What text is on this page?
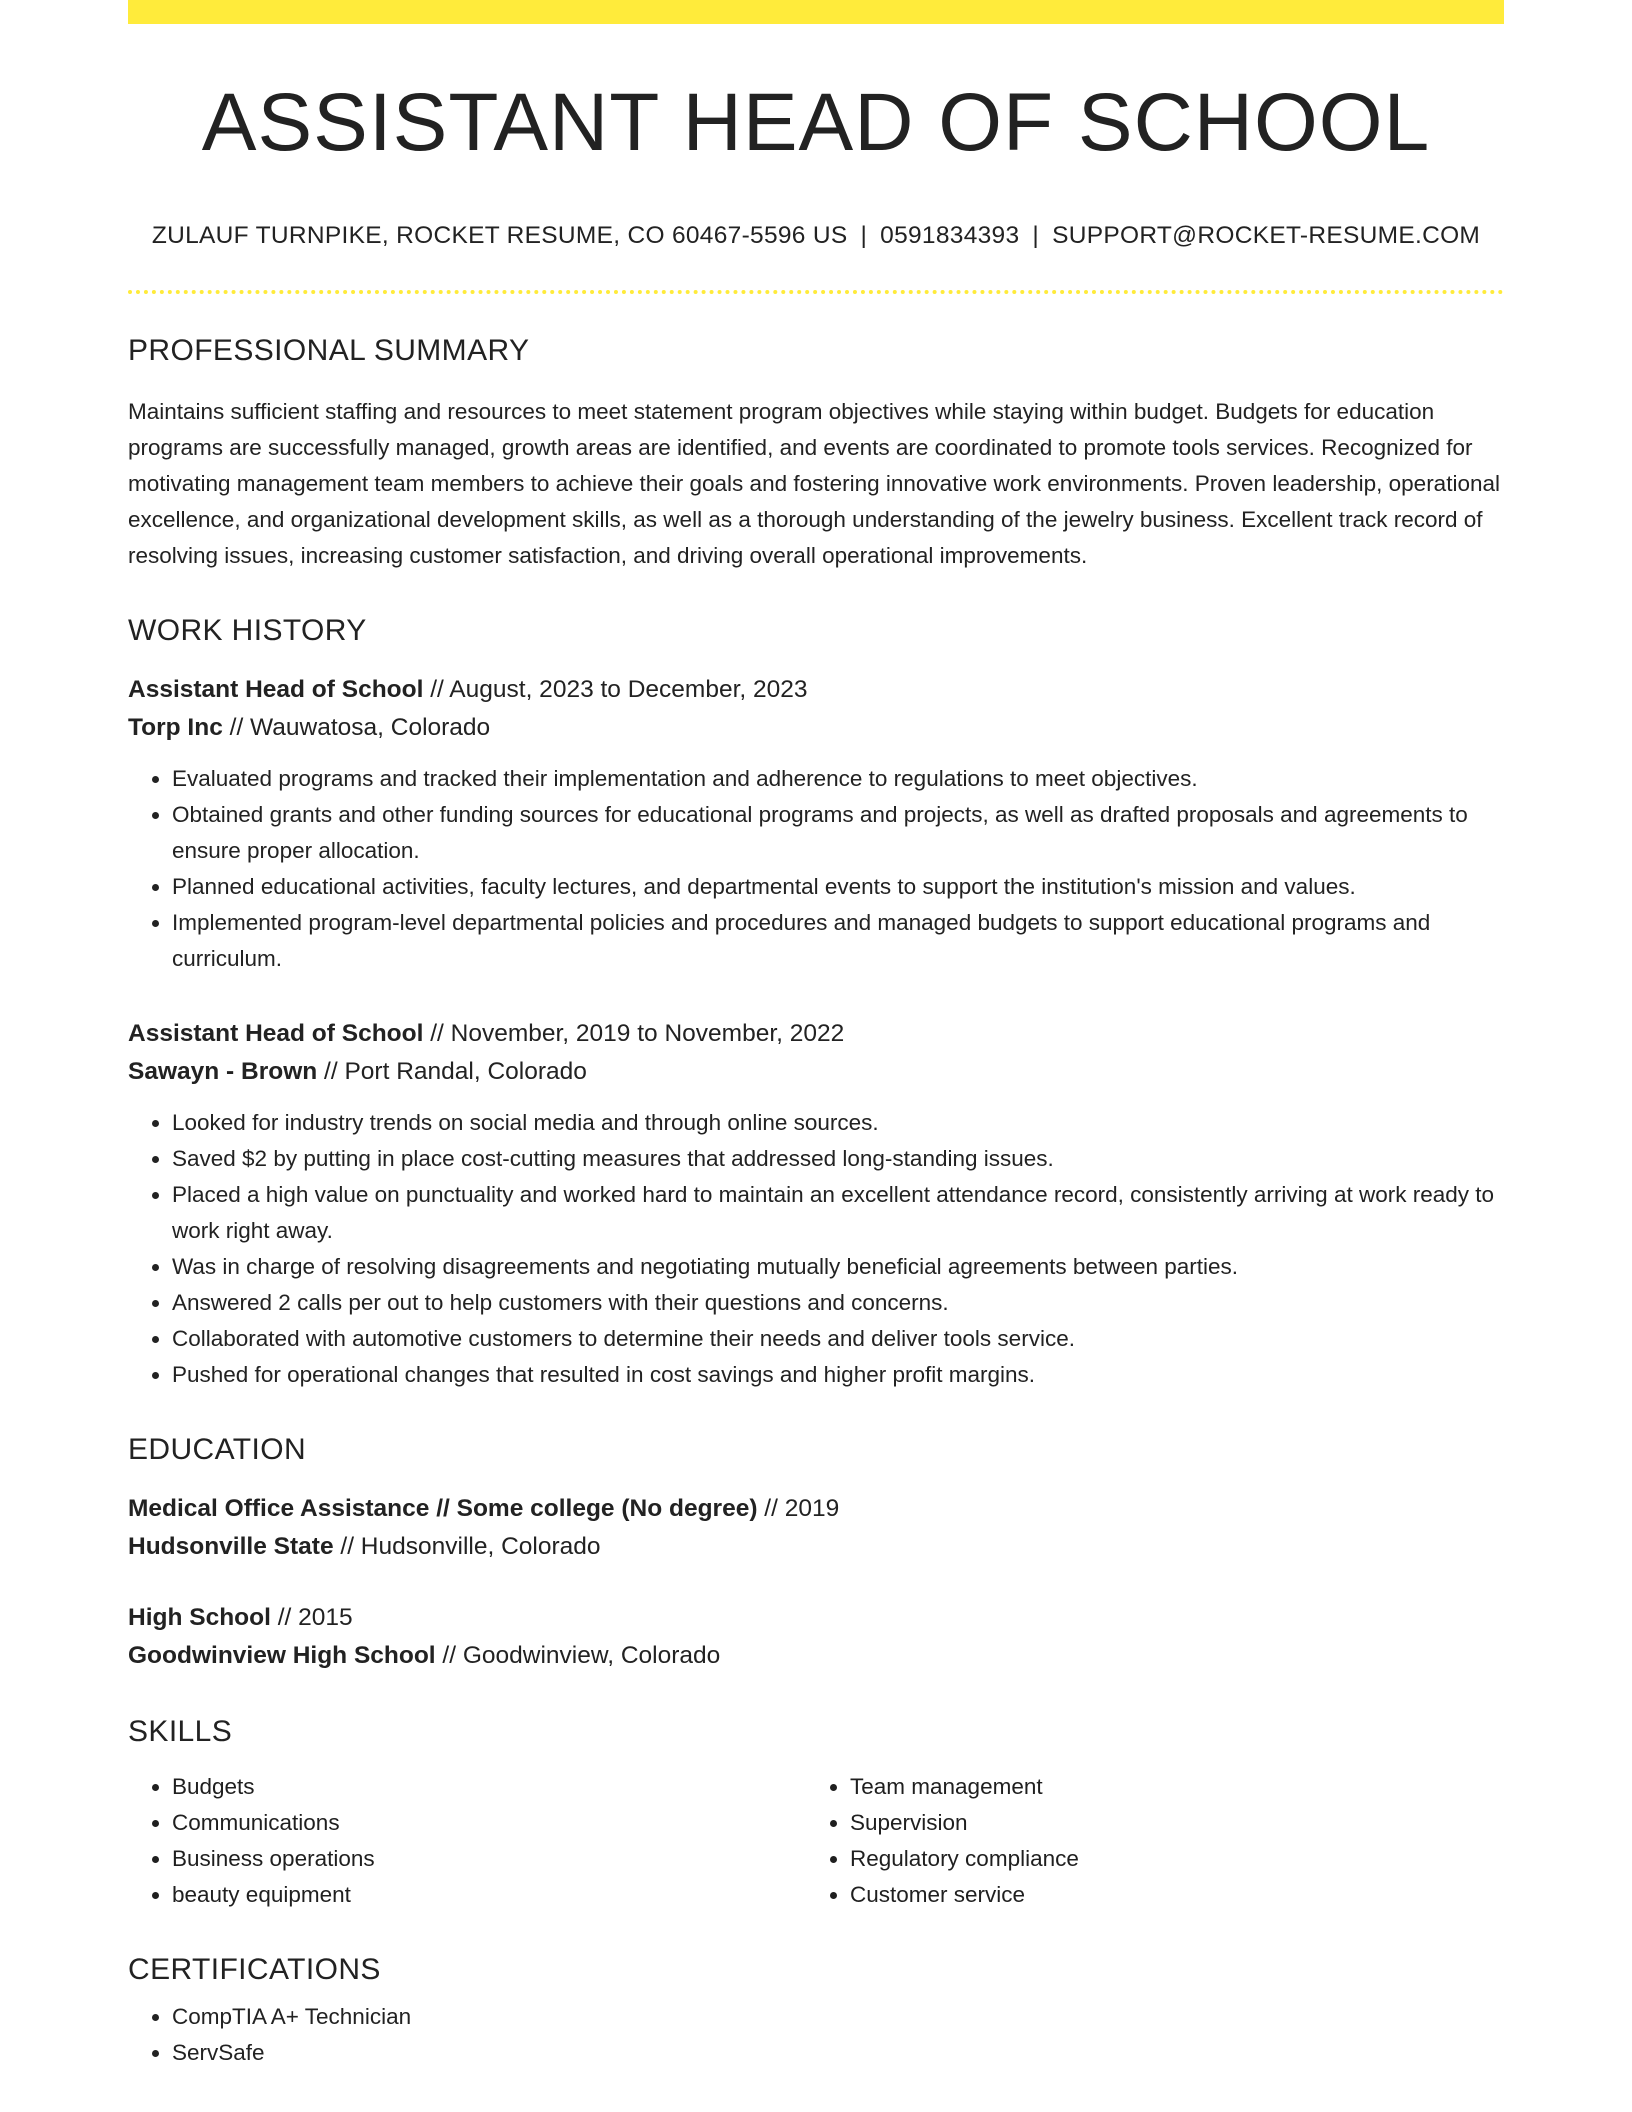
ASSISTANT HEAD OF SCHOOL
ZULAUF TURNPIKE, ROCKET RESUME, CO 60467-5596 US | 0591834393 | SUPPORT@ROCKET-RESUME.COM
PROFESSIONAL SUMMARY
Maintains sufficient staffing and resources to meet statement program objectives while staying within budget. Budgets for education programs are successfully managed, growth areas are identified, and events are coordinated to promote tools services. Recognized for motivating management team members to achieve their goals and fostering innovative work environments. Proven leadership, operational excellence, and organizational development skills, as well as a thorough understanding of the jewelry business. Excellent track record of resolving issues, increasing customer satisfaction, and driving overall operational improvements.
WORK HISTORY
Assistant Head of School // August, 2023 to December, 2023
Torp Inc // Wauwatosa, Colorado
• Evaluated programs and tracked their implementation and adherence to regulations to meet objectives.
• Obtained grants and other funding sources for educational programs and projects, as well as drafted proposals and agreements to ensure proper allocation.
• Planned educational activities, faculty lectures, and departmental events to support the institution's mission and values.
• Implemented program-level departmental policies and procedures and managed budgets to support educational programs and curriculum.
Assistant Head of School // November, 2019 to November, 2022
Sawayn - Brown // Port Randal, Colorado
• Looked for industry trends on social media and through online sources.
• Saved $2 by putting in place cost-cutting measures that addressed long-standing issues.
• Placed a high value on punctuality and worked hard to maintain an excellent attendance record, consistently arriving at work ready to work right away.
• Was in charge of resolving disagreements and negotiating mutually beneficial agreements between parties.
• Answered 2 calls per out to help customers with their questions and concerns.
• Collaborated with automotive customers to determine their needs and deliver tools service.
• Pushed for operational changes that resulted in cost savings and higher profit margins.
EDUCATION
Medical Office Assistance // Some college (No degree) // 2019
Hudsonville State // Hudsonville, Colorado
High School // 2015
Goodwinview High School // Goodwinview, Colorado
SKILLS
• Budgets
• Communications
• Business operations
• beauty equipment
• Team management
• Supervision
• Regulatory compliance
• Customer service
CERTIFICATIONS
• CompTIA A+ Technician
• ServSafe
